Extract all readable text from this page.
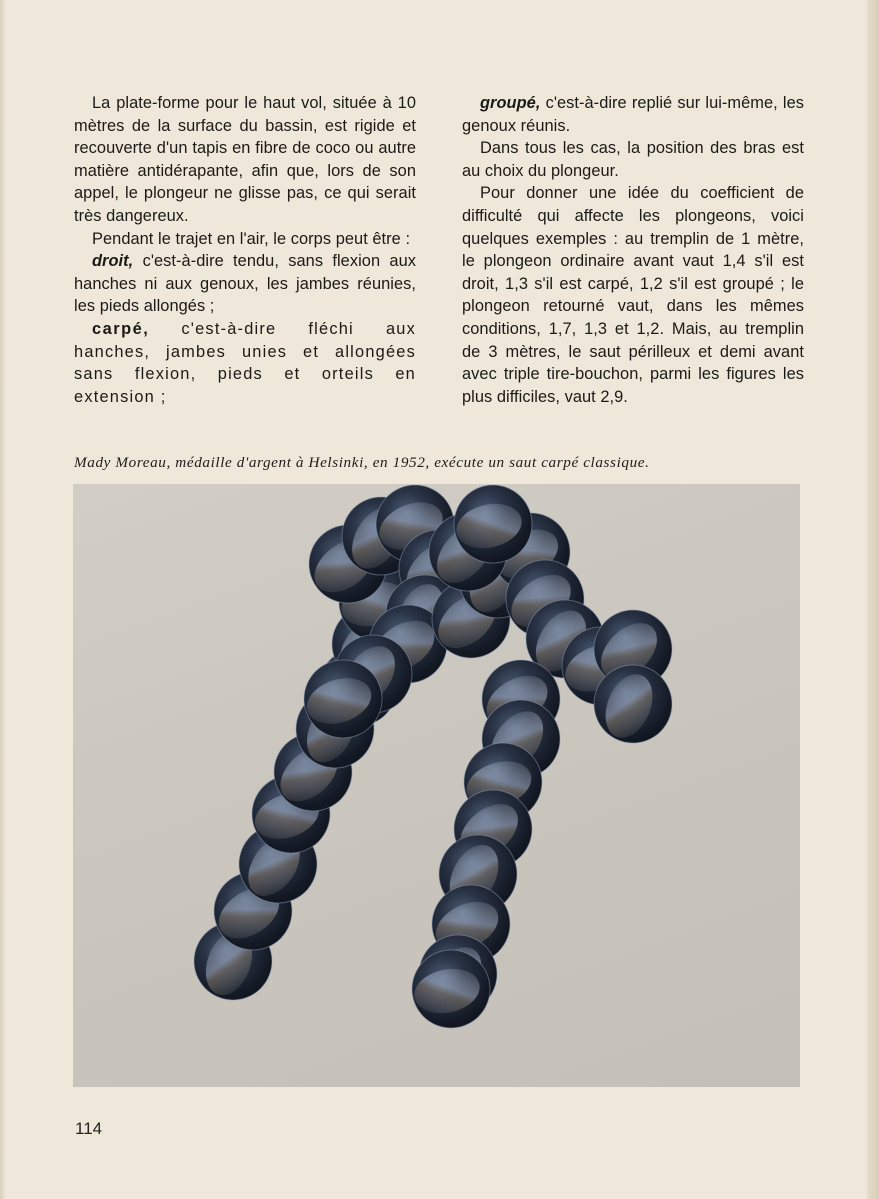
La plate-forme pour le haut vol, située à 10 mètres de la surface du bassin, est rigide et recouverte d'un tapis en fibre de coco ou autre matière antidérapante, afin que, lors de son appel, le plongeur ne glisse pas, ce qui serait très dangereux.

Pendant le trajet en l'air, le corps peut être :

droit, c'est-à-dire tendu, sans flexion aux hanches ni aux genoux, les jambes réunies, les pieds allongés ;

carpé, c'est-à-dire fléchi aux hanches, jambes unies et allongées sans flexion, pieds et orteils en extension ;

groupé, c'est-à-dire replié sur lui-même, les genoux réunis.

Dans tous les cas, la position des bras est au choix du plongeur.

Pour donner une idée du coefficient de difficulté qui affecte les plongeons, voici quelques exemples : au tremplin de 1 mètre, le plongeon ordinaire avant vaut 1,4 s'il est droit, 1,3 s'il est carpé, 1,2 s'il est groupé ; le plongeon retourné vaut, dans les mêmes conditions, 1,7, 1,3 et 1,2. Mais, au tremplin de 3 mètres, le saut périlleux et demi avant avec triple tire-bouchon, parmi les figures les plus difficiles, vaut 2,9.

Mady Moreau, médaille d'argent à Helsinki, en 1952, exécute un saut carpé classique.
114
